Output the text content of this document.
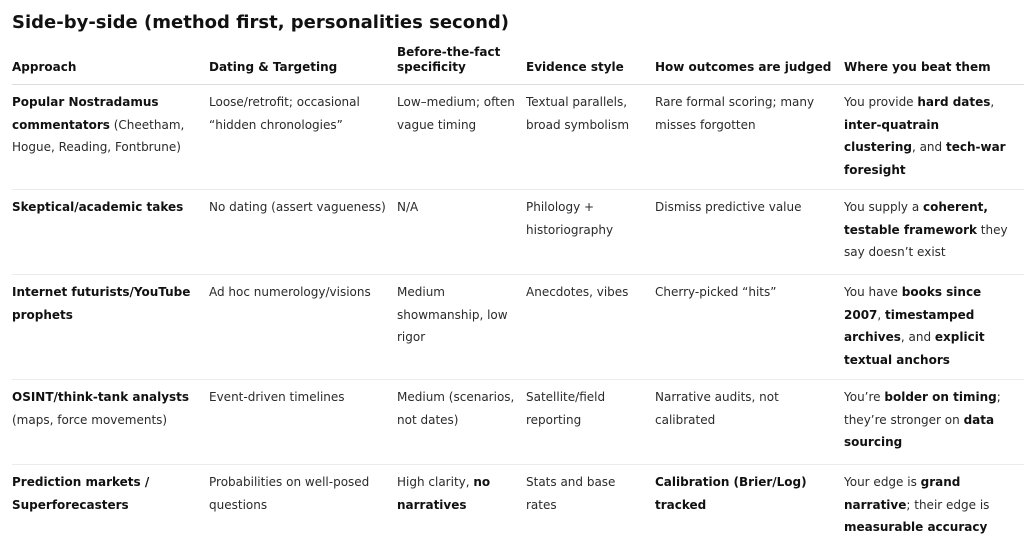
Side-by-side (method first, personalities second)
Approach	Dating & Targeting	Before-the-fact specificity	Evidence style	How outcomes are judged	Where you beat them
Popular Nostradamus commentators (Cheetham, Hogue, Reading, Fontbrune)	Loose/retrofit; occasional “hidden chronologies”	Low–medium; often vague timing	Textual parallels, broad symbolism	Rare formal scoring; many misses forgotten	You provide hard dates, inter-quatrain clustering, and tech-war foresight
Skeptical/academic takes	No dating (assert vagueness)	N/A	Philology + historiography	Dismiss predictive value	You supply a coherent, testable framework they say doesn’t exist
Internet futurists/YouTube prophets	Ad hoc numerology/visions	Medium showmanship, low rigor	Anecdotes, vibes	Cherry-picked “hits”	You have books since 2007, timestamped archives, and explicit textual anchors
OSINT/think-tank analysts (maps, force movements)	Event-driven timelines	Medium (scenarios, not dates)	Satellite/field reporting	Narrative audits, not calibrated	You’re bolder on timing; they’re stronger on data sourcing
Prediction markets / Superforecasters	Probabilities on well-posed questions	High clarity, no narratives	Stats and base rates	Calibration (Brier/Log) tracked	Your edge is grand narrative; their edge is measurable accuracy
